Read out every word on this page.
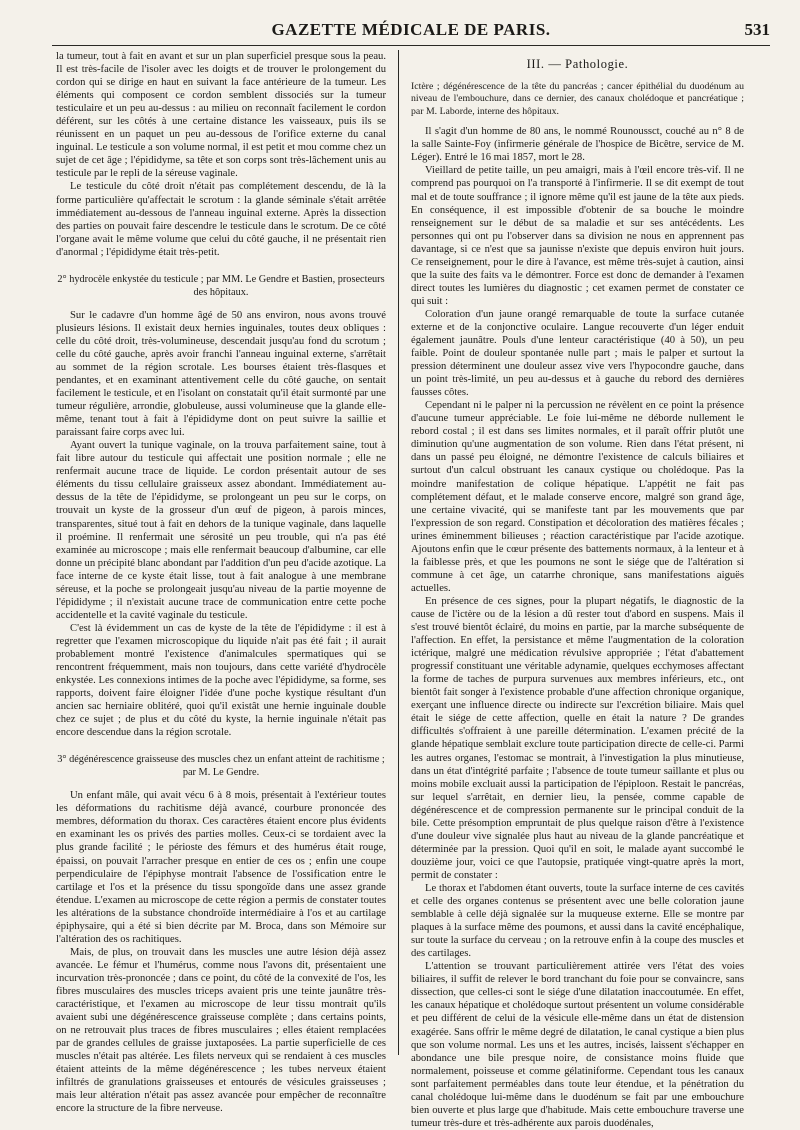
GAZETTE MÉDICALE DE PARIS.	531

la tumeur, tout à fait en avant et sur un plan superficiel presque sous la peau. Il est très-facile de l'isoler avec les doigts et de trouver le prolongement du cordon qui se dirige en haut en suivant la face antérieure de la tumeur. Les éléments qui composent ce cordon semblent dissociés sur la tumeur testiculaire et un peu au-dessus : au milieu on reconnaît facilement le cordon déférent, sur les côtés à une certaine distance les vaisseaux, puis ils se réunissent en un paquet un peu au-dessous de l'orifice externe du canal inguinal. Le testicule a son volume normal, il est petit et mou comme chez un sujet de cet âge ; l'épididyme, sa tête et son corps sont très-lâchement unis au testicule par le repli de la séreuse vaginale.

Le testicule du côté droit n'était pas complétement descendu, de là la forme particulière qu'affectait le scrotum : la glande séminale s'était arrêtée immédiatement au-dessous de l'anneau inguinal externe. Après la dissection des parties on pouvait faire descendre le testicule dans le scrotum. De ce côté l'organe avait le même volume que celui du côté gauche, il ne présentait rien d'anormal ; l'épididyme était très-petit.

2° hydrocèle enkystée du testicule ; par MM. Le Gendre et Bastien, prosecteurs des hôpitaux.

Sur le cadavre d'un homme âgé de 50 ans environ, nous avons trouvé plusieurs lésions. Il existait deux hernies inguinales, toutes deux obliques : celle du côté droit, très-volumineuse, descendait jusqu'au fond du scrotum ; celle du côté gauche, après avoir franchi l'anneau inguinal externe, s'arrêtait au sommet de la région scrotale. Les bourses étaient très-flasques et pendantes, et en examinant attentivement celle du côté gauche, on sentait facilement le testicule, et en l'isolant on constatait qu'il était surmonté par une tumeur régulière, arrondie, globuleuse, aussi volumineuse que la glande elle-même, tenant tout à fait à l'épididyme dont on peut suivre la saillie et paraissant faire corps avec lui.

Ayant ouvert la tunique vaginale, on la trouva parfaitement saine, tout à fait libre autour du testicule qui affectait une position normale ; elle ne renfermait aucune trace de liquide. Le cordon présentait autour de ses éléments du tissu cellulaire graisseux assez abondant. Immédiatement au-dessus de la tête de l'épididyme, se prolongeant un peu sur le corps, on trouvait un kyste de la grosseur d'un œuf de pigeon, à parois minces, transparentes, situé tout à fait en dehors de la tunique vaginale, dans laquelle il proémine. Il renfermait une sérosité un peu trouble, qui n'a pas été examinée au microscope ; mais elle renfermait beaucoup d'albumine, car elle donne un précipité blanc abondant par l'addition d'un peu d'acide azotique. La face interne de ce kyste était lisse, tout à fait analogue à une membrane séreuse, et la poche se prolongeait jusqu'au niveau de la partie moyenne de l'épididyme ; il n'existait aucune trace de communication entre cette poche accidentelle et la cavité vaginale du testicule.

C'est là évidemment un cas de kyste de la tête de l'épididyme : il est à regretter que l'examen microscopique du liquide n'ait pas été fait ; il aurait probablement montré l'existence d'animalcules spermatiques qui se rencontrent fréquemment, mais non toujours, dans cette variété d'hydrocèle enkystée. Les connexions intimes de la poche avec l'épididyme, sa forme, ses rapports, doivent faire éloigner l'idée d'une poche kystique résultant d'un ancien sac herniaire oblitéré, quoi qu'il existât une hernie inguinale double chez ce sujet ; de plus et du côté du kyste, la hernie inguinale n'était pas encore descendue dans la région scrotale.

3° dégénérescence graisseuse des muscles chez un enfant atteint de rachitisme ; par M. Le Gendre.

Un enfant mâle, qui avait vécu 6 à 8 mois, présentait à l'extérieur toutes les déformations du rachitisme déjà avancé, courbure prononcée des membres, déformation du thorax. Ces caractères étaient encore plus évidents en examinant les os privés des parties molles. Ceux-ci se tordaient avec la plus grande facilité ; le périoste des fémurs et des humérus était rouge, épaissi, on pouvait l'arracher presque en entier de ces os ; enfin une coupe perpendiculaire de l'épiphyse montrait l'absence de l'ossification entre le cartilage et l'os et la présence du tissu spongoïde dans une assez grande étendue. L'examen au microscope de cette région a permis de constater toutes les altérations de la substance chondroïde intermédiaire à l'os et au cartilage épiphysaire, qui a été si bien décrite par M. Broca, dans son Mémoire sur l'altération des os rachitiques.

Mais, de plus, on trouvait dans les muscles une autre lésion déjà assez avancée. Le fémur et l'humérus, comme nous l'avons dit, présentaient une incurvation très-prononcée ; dans ce point, du côté de la convexité de l'os, les fibres musculaires des muscles triceps avaient pris une teinte jaunâtre très-caractéristique, et l'examen au microscope de leur tissu montrait qu'ils avaient subi une dégénérescence graisseuse complète ; dans certains points, on ne retrouvait plus traces de fibres musculaires ; elles étaient remplacées par de grandes cellules de graisse juxtaposées. La partie superficielle de ces muscles n'était pas altérée. Les filets nerveux qui se rendaient à ces muscles étaient atteints de la même dégénérescence ; les tubes nerveux étaient infiltrés de granulations graisseuses et entourés de vésicules graisseuses ; mais leur altération n'était pas assez avancée pour empêcher de reconnaître encore la structure de la fibre nerveuse.

III. — Pathologie.
Ictère ; dégénérescence de la tête du pancréas ; cancer épithélial du duodénum au niveau de l'embouchure, dans ce dernier, des canaux cholédoque et pancréatique ; par M. Laborde, interne des hôpitaux.

Il s'agit d'un homme de 80 ans, le nommé Rounoussct, couché au n° 8 de la salle Sainte-Foy (infirmerie générale de l'hospice de Bicêtre, service de M. Léger). Entré le 16 mai 1857, mort le 28.

Vieillard de petite taille, un peu amaigri, mais à l'œil encore très-vif. Il ne comprend pas pourquoi on l'a transporté à l'infirmerie. Il se dit exempt de tout mal et de toute souffrance ; il ignore même qu'il est jaune de la tête aux pieds. En conséquence, il est impossible d'obtenir de sa bouche le moindre renseignement sur le début de sa maladie et sur ses antécédents. Les personnes qui ont pu l'observer dans sa division ne nous en apprennent pas davantage, si ce n'est que sa jaunisse n'existe que depuis environ huit jours. Ce renseignement, pour le dire à l'avance, est même très-sujet à caution, ainsi que la suite des faits va le démontrer. Force est donc de demander à l'examen direct toutes les lumières du diagnostic ; cet examen permet de constater ce qui suit :

Coloration d'un jaune orangé remarquable de toute la surface cutanée externe et de la conjonctive oculaire. Langue recouverte d'un léger enduit également jaunâtre. Pouls d'une lenteur caractéristique (40 à 50), un peu faible. Point de douleur spontanée nulle part ; mais le palper et surtout la pression déterminent une douleur assez vive vers l'hypocondre gauche, dans un point très-limité, un peu au-dessus et à gauche du rebord des dernières fausses côtes.

Cependant ni le palper ni la percussion ne révèlent en ce point la présence d'aucune tumeur appréciable. Le foie lui-même ne déborde nullement le rebord costal ; il est dans ses limites normales, et il paraît offrir plutôt une diminution qu'une augmentation de son volume. Rien dans l'état présent, ni dans un passé peu éloigné, ne démontre l'existence de calculs biliaires et surtout d'un calcul obstruant les canaux cystique ou cholédoque. Pas la moindre manifestation de colique hépatique. L'appétit ne fait pas complétement défaut, et le malade conserve encore, malgré son grand âge, une certaine vivacité, qui se manifeste tant par les mouvements que par l'expression de son regard. Constipation et décoloration des matières fécales ; urines éminemment bilieuses ; réaction caractéristique par l'acide azotique. Ajoutons enfin que le cœur présente des battements normaux, à la lenteur et à la faiblesse près, et que les poumons ne sont le siége que de l'altération si commune à cet âge, un catarrhe chronique, sans manifestations aiguës actuelles.

En présence de ces signes, pour la plupart négatifs, le diagnostic de la cause de l'ictère ou de la lésion a dû rester tout d'abord en suspens. Mais il s'est trouvé bientôt éclairé, du moins en partie, par la marche subséquente de l'affection. En effet, la persistance et même l'augmentation de la coloration ictérique, malgré une médication révulsive appropriée ; l'état d'abattement progressif constituant une véritable adynamie, quelques ecchymoses affectant la forme de taches de purpura survenues aux membres inférieurs, etc., ont bientôt fait songer à l'existence probable d'une affection chronique organique, exerçant une influence directe ou indirecte sur l'excrétion biliaire. Mais quel était le siége de cette affection, quelle en était la nature ? De grandes difficultés s'offraient à une pareille détermination. L'examen précité de la glande hépatique semblait exclure toute participation directe de celle-ci. Parmi les autres organes, l'estomac se montrait, à l'investigation la plus minutieuse, dans un état d'intégrité parfaite ; l'absence de toute tumeur saillante et plus ou moins mobile excluait aussi la participation de l'épiploon. Restait le pancréas, sur lequel s'arrêtait, en dernier lieu, la pensée, comme capable de dégénérescence et de compression permanente sur le principal conduit de la bile. Cette présomption empruntait de plus quelque raison d'être à l'existence d'une douleur vive signalée plus haut au niveau de la glande pancréatique et déterminée par la pression. Quoi qu'il en soit, le malade ayant succombé le douzième jour, voici ce que l'autopsie, pratiquée vingt-quatre après la mort, permit de constater :

Le thorax et l'abdomen étant ouverts, toute la surface interne de ces cavités et celle des organes contenus se présentent avec une belle coloration jaune semblable à celle déjà signalée sur la muqueuse externe. Elle se montre par plaques à la surface même des poumons, et aussi dans la cavité encéphalique, sur toute la surface du cerveau ; on la retrouve enfin à la coupe des muscles et des cartilages.

L'attention se trouvant particulièrement attirée vers l'état des voies biliaires, il suffit de relever le bord tranchant du foie pour se convaincre, sans dissection, que celles-ci sont le siége d'une dilatation inaccoutumée. En effet, les canaux hépatique et cholédoque surtout présentent un volume considérable et peu différent de celui de la vésicule elle-même dans un état de distension exagérée. Sans offrir le même degré de dilatation, le canal cystique a bien plus que son volume normal. Les uns et les autres, incisés, laissent s'échapper en abondance une bile presque noire, de consistance moins fluide que normalement, poisseuse et comme gélatiniforme. Cependant tous les canaux sont parfaitement perméables dans toute leur étendue, et la pénétration du canal cholédoque lui-même dans le duodénum se fait par une embouchure bien ouverte et plus large que d'habitude. Mais cette embouchure traverse une tumeur très-dure et très-adhérente aux parois duodénales,
